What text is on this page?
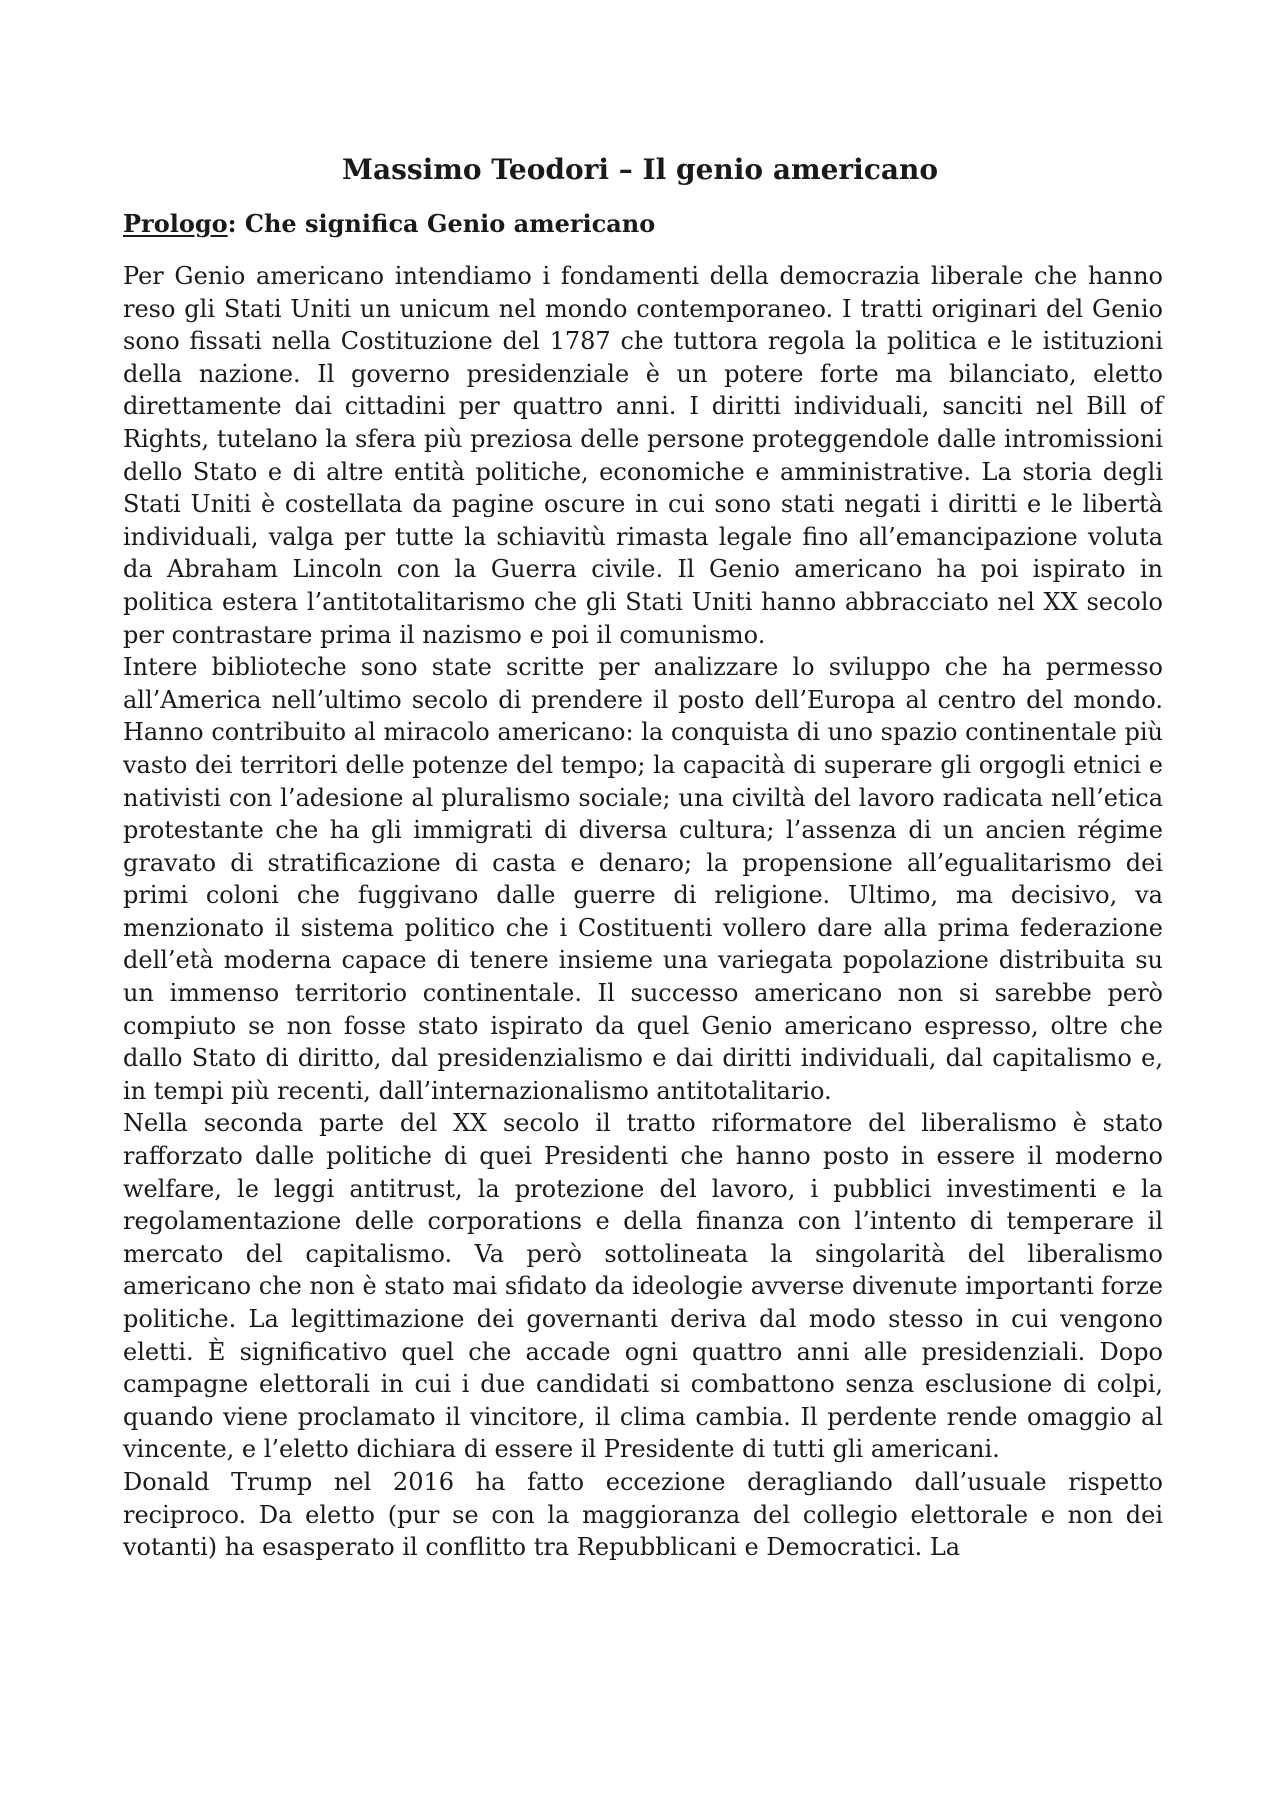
Massimo Teodori – Il genio americano
Prologo: Che significa Genio americano

Per Genio americano intendiamo i fondamenti della democrazia liberale che hanno reso gli Stati Uniti un unicum nel mondo contemporaneo. I tratti originari del Genio sono fissati nella Costituzione del 1787 che tuttora regola la politica e le istituzioni della nazione. Il governo presidenziale è un potere forte ma bilanciato, eletto direttamente dai cittadini per quattro anni. I diritti individuali, sanciti nel Bill of Rights, tutelano la sfera più preziosa delle persone proteggendole dalle intromissioni dello Stato e di altre entità politiche, economiche e amministrative. La storia degli Stati Uniti è costellata da pagine oscure in cui sono stati negati i diritti e le libertà individuali, valga per tutte la schiavitù rimasta legale fino all’emancipazione voluta da Abraham Lincoln con la Guerra civile. Il Genio americano ha poi ispirato in politica estera l’antitotalitarismo che gli Stati Uniti hanno abbracciato nel XX secolo per contrastare prima il nazismo e poi il comunismo.

Intere biblioteche sono state scritte per analizzare lo sviluppo che ha permesso all’America nell’ultimo secolo di prendere il posto dell’Europa al centro del mondo. Hanno contribuito al miracolo americano: la conquista di uno spazio continentale più vasto dei territori delle potenze del tempo; la capacità di superare gli orgogli etnici e nativisti con l’adesione al pluralismo sociale; una civiltà del lavoro radicata nell’etica protestante che ha gli immigrati di diversa cultura; l’assenza di un ancien régime gravato di stratificazione di casta e denaro; la propensione all’egualitarismo dei primi coloni che fuggivano dalle guerre di religione. Ultimo, ma decisivo, va menzionato il sistema politico che i Costituenti vollero dare alla prima federazione dell’età moderna capace di tenere insieme una variegata popolazione distribuita su un immenso territorio continentale. Il successo americano non si sarebbe però compiuto se non fosse stato ispirato da quel Genio americano espresso, oltre che dallo Stato di diritto, dal presidenzialismo e dai diritti individuali, dal capitalismo e, in tempi più recenti, dall’internazionalismo antitotalitario.

Nella seconda parte del XX secolo il tratto riformatore del liberalismo è stato rafforzato dalle politiche di quei Presidenti che hanno posto in essere il moderno welfare, le leggi antitrust, la protezione del lavoro, i pubblici investimenti e la regolamentazione delle corporations e della finanza con l’intento di temperare il mercato del capitalismo. Va però sottolineata la singolarità del liberalismo americano che non è stato mai sfidato da ideologie avverse divenute importanti forze politiche. La legittimazione dei governanti deriva dal modo stesso in cui vengono eletti. È significativo quel che accade ogni quattro anni alle presidenziali. Dopo campagne elettorali in cui i due candidati si combattono senza esclusione di colpi, quando viene proclamato il vincitore, il clima cambia. Il perdente rende omaggio al vincente, e l’eletto dichiara di essere il Presidente di tutti gli americani.

Donald Trump nel 2016 ha fatto eccezione deragliando dall’usuale rispetto reciproco. Da eletto (pur se con la maggioranza del collegio elettorale e non dei votanti) ha esasperato il conflitto tra Repubblicani e Democratici. La
